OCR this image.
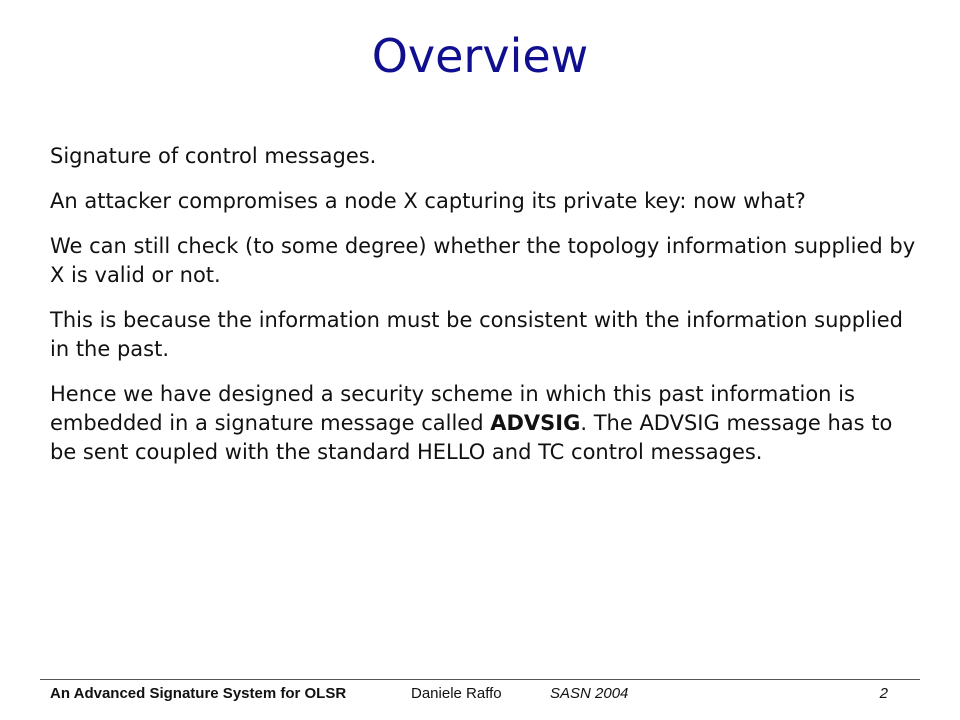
Overview

Signature of control messages.

An attacker compromises a node X capturing its private key: now what?

We can still check (to some degree) whether the topology information supplied by X is valid or not.

This is because the information must be consistent with the information supplied in the past.

Hence we have designed a security scheme in which this past information is embedded in a signature message called ADVSIG. The ADVSIG message has to be sent coupled with the standard HELLO and TC control messages.

An Advanced Signature System for OLSR	Daniele Raffo	SASN 2004	2
